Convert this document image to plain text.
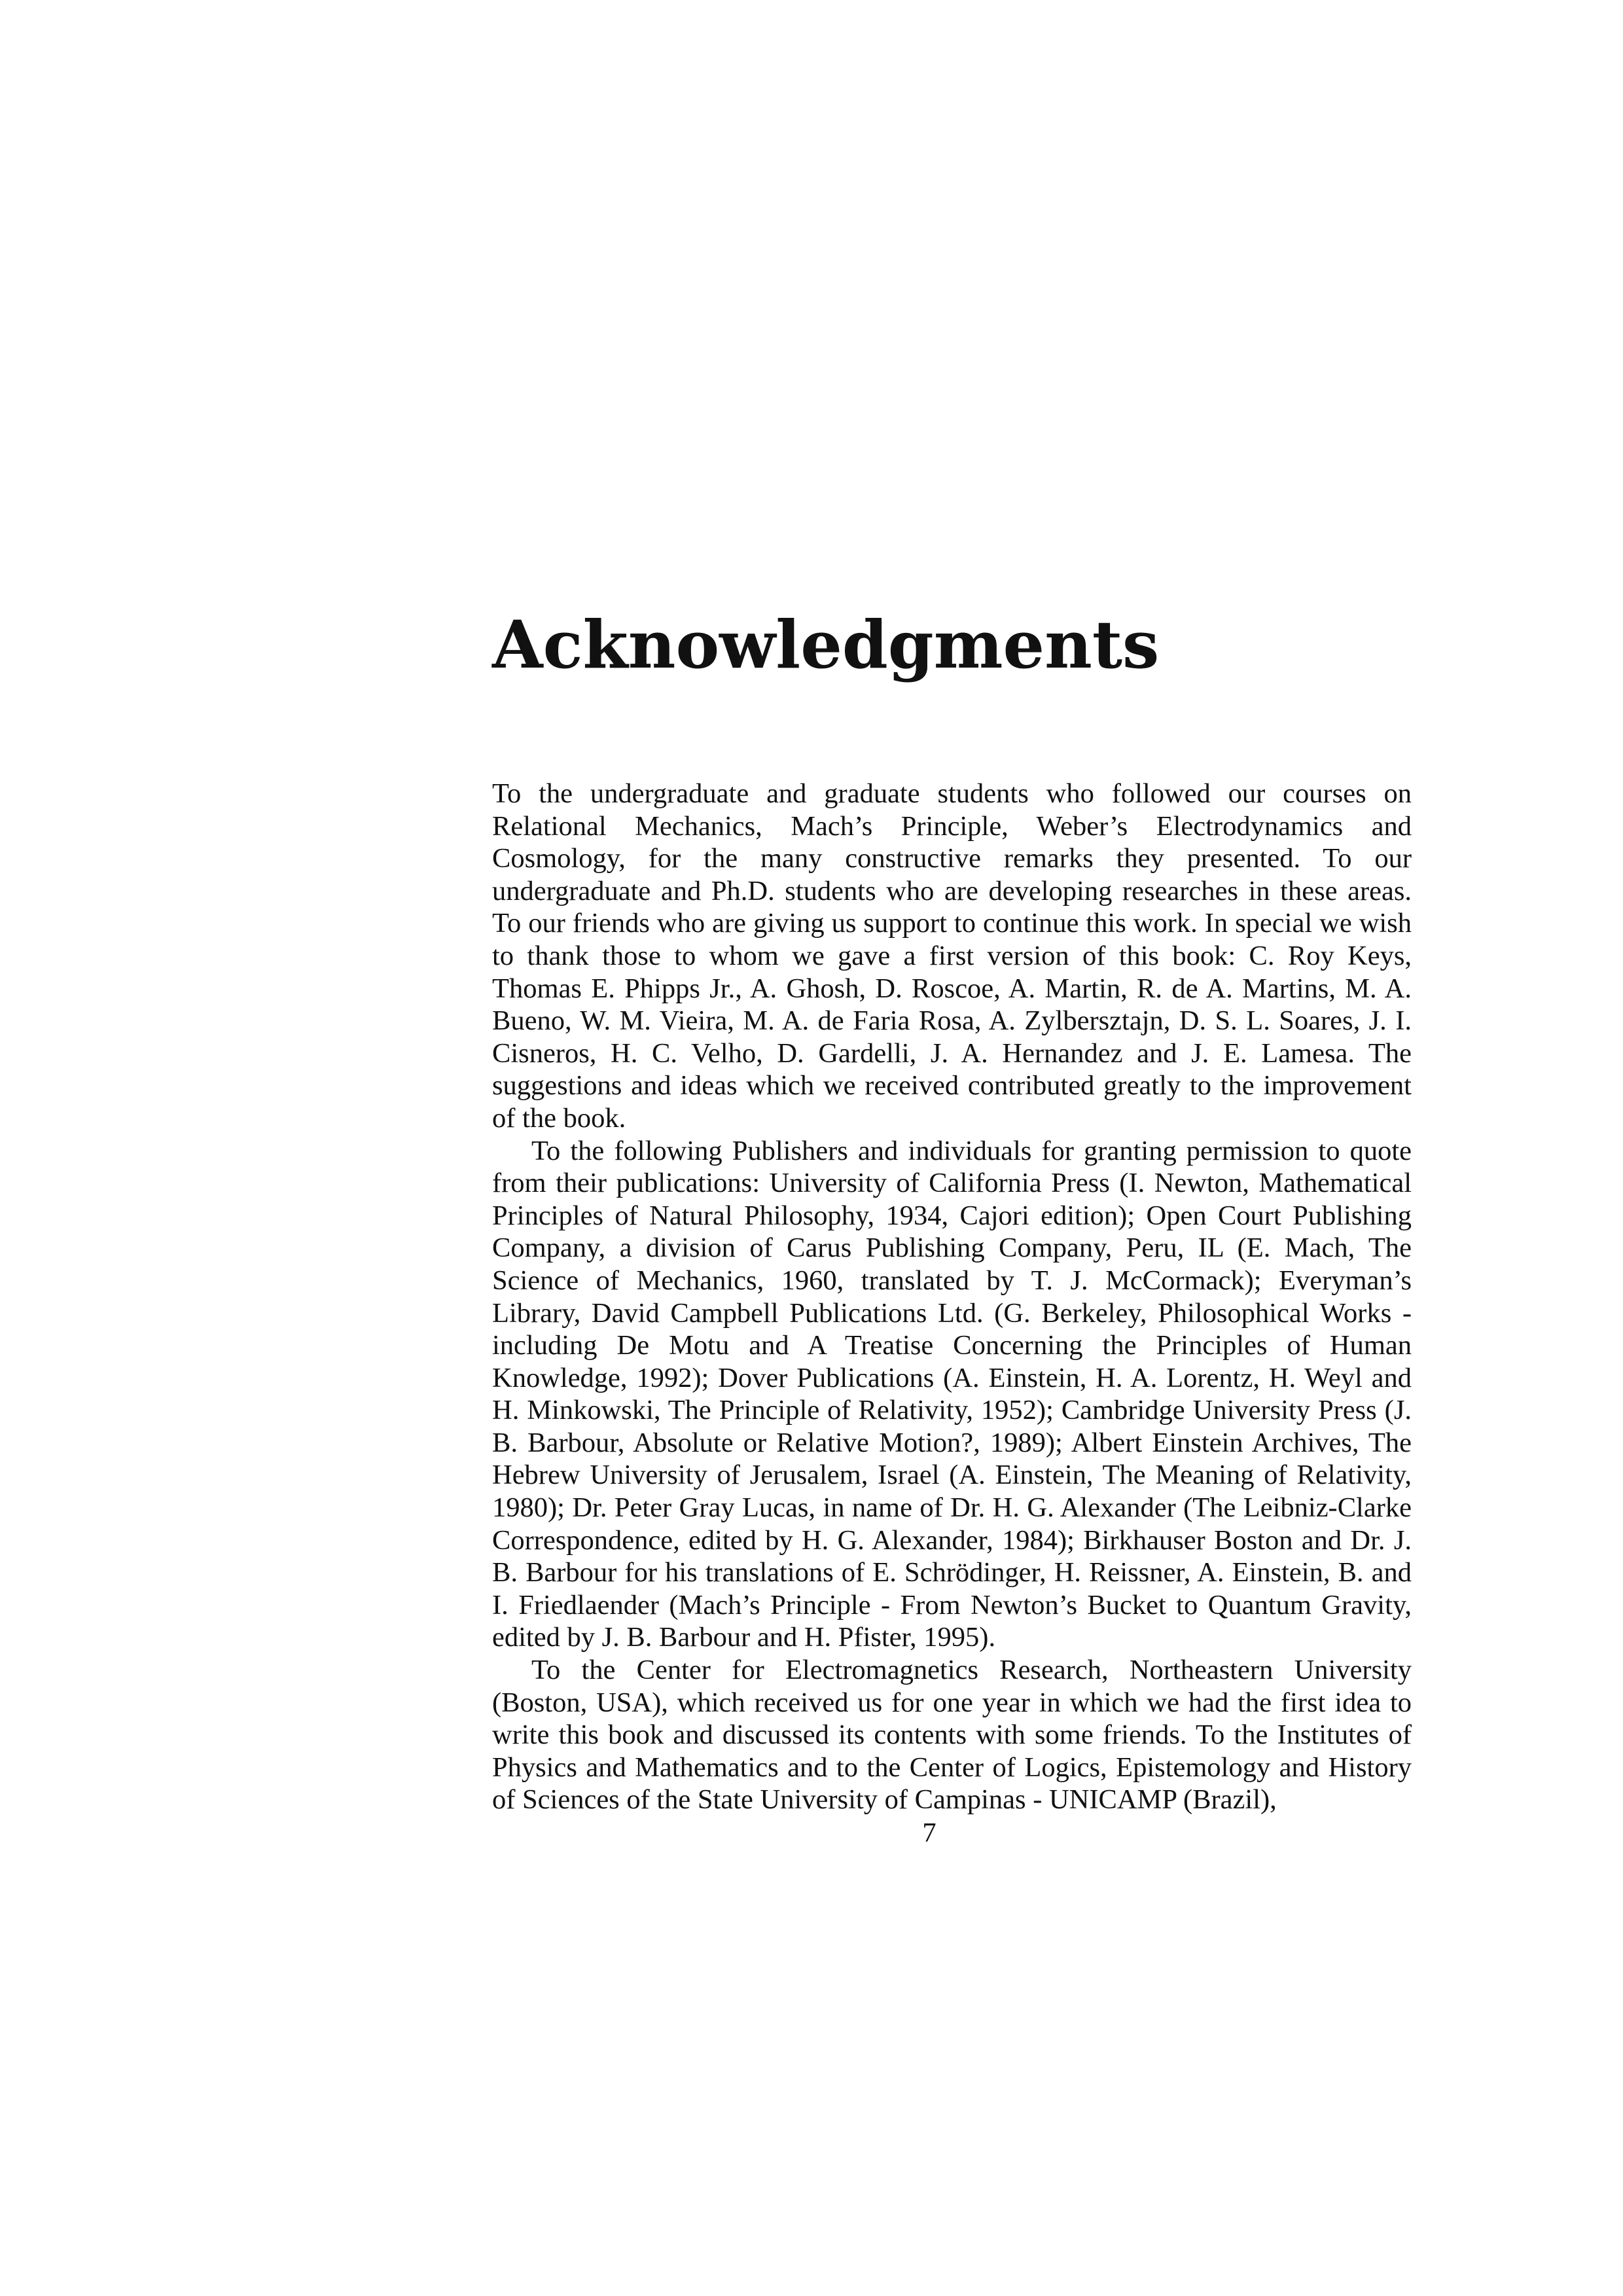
Acknowledgments

To the undergraduate and graduate students who followed our courses on Relational Mechanics, Mach’s Principle, Weber’s Electrodynamics and Cosmology, for the many constructive remarks they presented. To our undergraduate and Ph.D. students who are developing researches in these areas. To our friends who are giving us support to continue this work. In special we wish to thank those to whom we gave a first version of this book: C. Roy Keys, Thomas E. Phipps Jr., A. Ghosh, D. Roscoe, A. Martin, R. de A. Martins, M. A. Bueno, W. M. Vieira, M. A. de Faria Rosa, A. Zylbersztajn, D. S. L. Soares, J. I. Cisneros, H. C. Velho, D. Gardelli, J. A. Hernandez and J. E. Lamesa. The suggestions and ideas which we received contributed greatly to the improvement of the book.

To the following Publishers and individuals for granting permission to quote from their publications: University of California Press (I. Newton, Mathematical Principles of Natural Philosophy, 1934, Cajori edition); Open Court Publishing Company, a division of Carus Publishing Company, Peru, IL (E. Mach, The Science of Mechanics, 1960, translated by T. J. McCormack); Everyman’s Library, David Campbell Publications Ltd. (G. Berkeley, Philosophical Works - including De Motu and A Treatise Concerning the Principles of Human Knowledge, 1992); Dover Publications (A. Einstein, H. A. Lorentz, H. Weyl and H. Minkowski, The Principle of Relativity, 1952); Cambridge University Press (J. B. Barbour, Absolute or Relative Motion?, 1989); Albert Einstein Archives, The Hebrew University of Jerusalem, Israel (A. Einstein, The Meaning of Relativity, 1980); Dr. Peter Gray Lucas, in name of Dr. H. G. Alexander (The Leibniz-Clarke Correspondence, edited by H. G. Alexander, 1984); Birkhauser Boston and Dr. J. B. Barbour for his translations of E. Schrödinger, H. Reissner, A. Einstein, B. and I. Friedlaender (Mach’s Principle - From Newton’s Bucket to Quantum Gravity, edited by J. B. Barbour and H. Pfister, 1995).

To the Center for Electromagnetics Research, Northeastern University (Boston, USA), which received us for one year in which we had the first idea to write this book and discussed its contents with some friends. To the Institutes of Physics and Mathematics and to the Center of Logics, Epistemology and History of Sciences of the State University of Campinas - UNICAMP (Brazil),

7
